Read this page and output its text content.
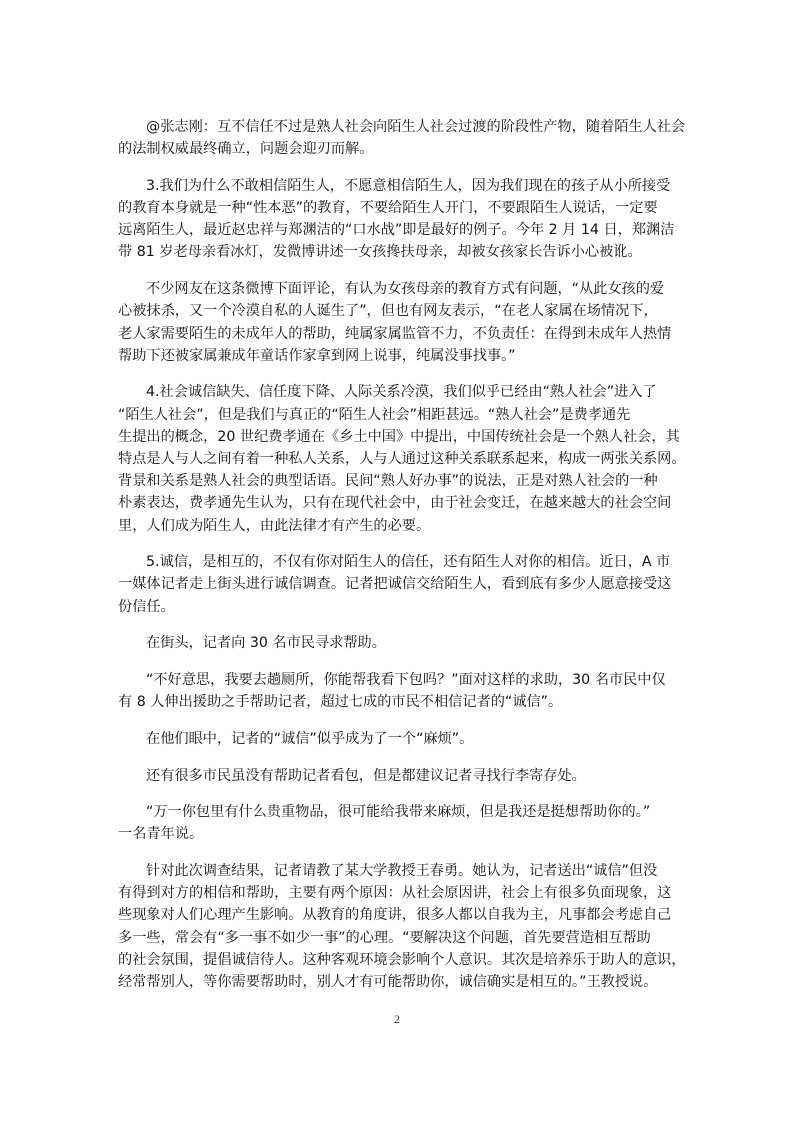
@张志刚：互不信任不过是熟人社会向陌生人社会过渡的阶段性产物，随着陌生人社会
的法制权威最终确立，问题会迎刃而解。
3.我们为什么不敢相信陌生人，不愿意相信陌生人，因为我们现在的孩子从小所接受
的教育本身就是一种“性本恶”的教育，不要给陌生人开门，不要跟陌生人说话，一定要
远离陌生人，最近赵忠祥与郑渊洁的“口水战”即是最好的例子。今年 2 月 14 日，郑渊洁
带 81 岁老母亲看冰灯，发微博讲述一女孩搀扶母亲，却被女孩家长告诉小心被讹。
不少网友在这条微博下面评论，有认为女孩母亲的教育方式有问题，“从此女孩的爱
心被抹杀，又一个冷漠自私的人诞生了”，但也有网友表示，“在老人家属在场情况下，
老人家需要陌生的未成年人的帮助，纯属家属监管不力，不负责任：在得到未成年人热情
帮助下还被家属兼成年童话作家拿到网上说事，纯属没事找事。”
4.社会诚信缺失、信任度下降、人际关系冷漠，我们似乎已经由“熟人社会”进入了
“陌生人社会”，但是我们与真正的“陌生人社会”相距甚远。“熟人社会”是费孝通先
生提出的概念，20 世纪费孝通在《乡土中国》中提出，中国传统社会是一个熟人社会，其
特点是人与人之间有着一种私人关系，人与人通过这种关系联系起来，构成一两张关系网。
背景和关系是熟人社会的典型话语。民间“熟人好办事”的说法，正是对熟人社会的一种
朴素表达，费孝通先生认为，只有在现代社会中，由于社会变迁，在越来越大的社会空间
里，人们成为陌生人，由此法律才有产生的必要。
5.诚信，是相互的，不仅有你对陌生人的信任，还有陌生人对你的相信。近日，A 市
一媒体记者走上街头进行诚信调查。记者把诚信交给陌生人，看到底有多少人愿意接受这
份信任。
在街头，记者向 30 名市民寻求帮助。
“不好意思，我要去趟厕所，你能帮我看下包吗？”面对这样的求助，30 名市民中仅
有 8 人伸出援助之手帮助记者，超过七成的市民不相信记者的“诚信”。
在他们眼中，记者的“诚信”似乎成为了一个“麻烦”。
还有很多市民虽没有帮助记者看包，但是都建议记者寻找行李寄存处。
“万一你包里有什么贵重物品，很可能给我带来麻烦，但是我还是挺想帮助你的。”
一名青年说。
针对此次调查结果，记者请教了某大学教授王春勇。她认为，记者送出“诚信”但没
有得到对方的相信和帮助，主要有两个原因：从社会原因讲，社会上有很多负面现象，这
些现象对人们心理产生影响。从教育的角度讲，很多人都以自我为主，凡事都会考虑自己
多一些，常会有“多一事不如少一事”的心理。“要解决这个问题，首先要营造相互帮助
的社会氛围，提倡诚信待人。这种客观环境会影响个人意识。其次是培养乐于助人的意识，
经常帮别人，等你需要帮助时，别人才有可能帮助你，诚信确实是相互的。”王教授说。
2
